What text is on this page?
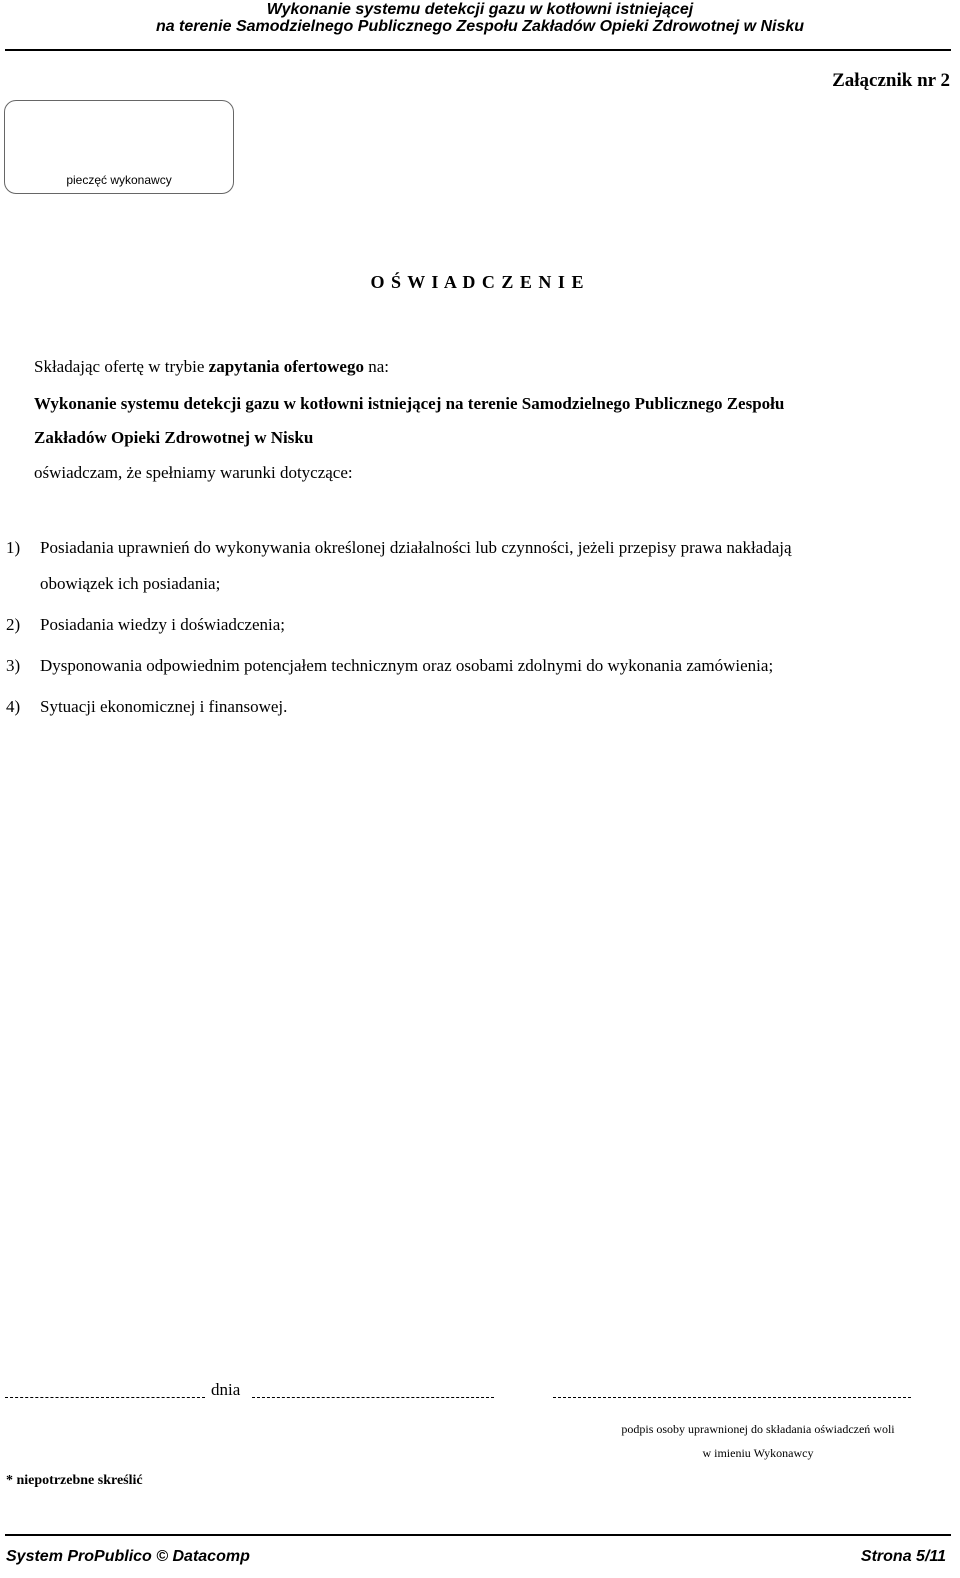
Wykonanie systemu detekcji gazu w kotłowni istniejącej
na terenie Samodzielnego Publicznego Zespołu Zakładów Opieki Zdrowotnej w Nisku
Załącznik nr 2
pieczęć wykonawcy
O Ś W I A D C Z E N I E
Składając ofertę w trybie zapytania ofertowego na:
Wykonanie systemu detekcji gazu w kotłowni istniejącej na terenie Samodzielnego Publicznego Zespołu
Zakładów Opieki Zdrowotnej w Nisku
oświadczam, że spełniamy warunki dotyczące:
1) Posiadania uprawnień do wykonywania określonej działalności lub czynności, jeżeli przepisy prawa nakładają
obowiązek ich posiadania;
2) Posiadania wiedzy i doświadczenia;
3) Dysponowania odpowiednim potencjałem technicznym oraz osobami zdolnymi do wykonania zamówienia;
4) Sytuacji ekonomicznej i finansowej.
dnia
podpis osoby uprawnionej do składania oświadczeń woli
w imieniu Wykonawcy
* niepotrzebne skreślić
System ProPublico © Datacomp	Strona 5/11
